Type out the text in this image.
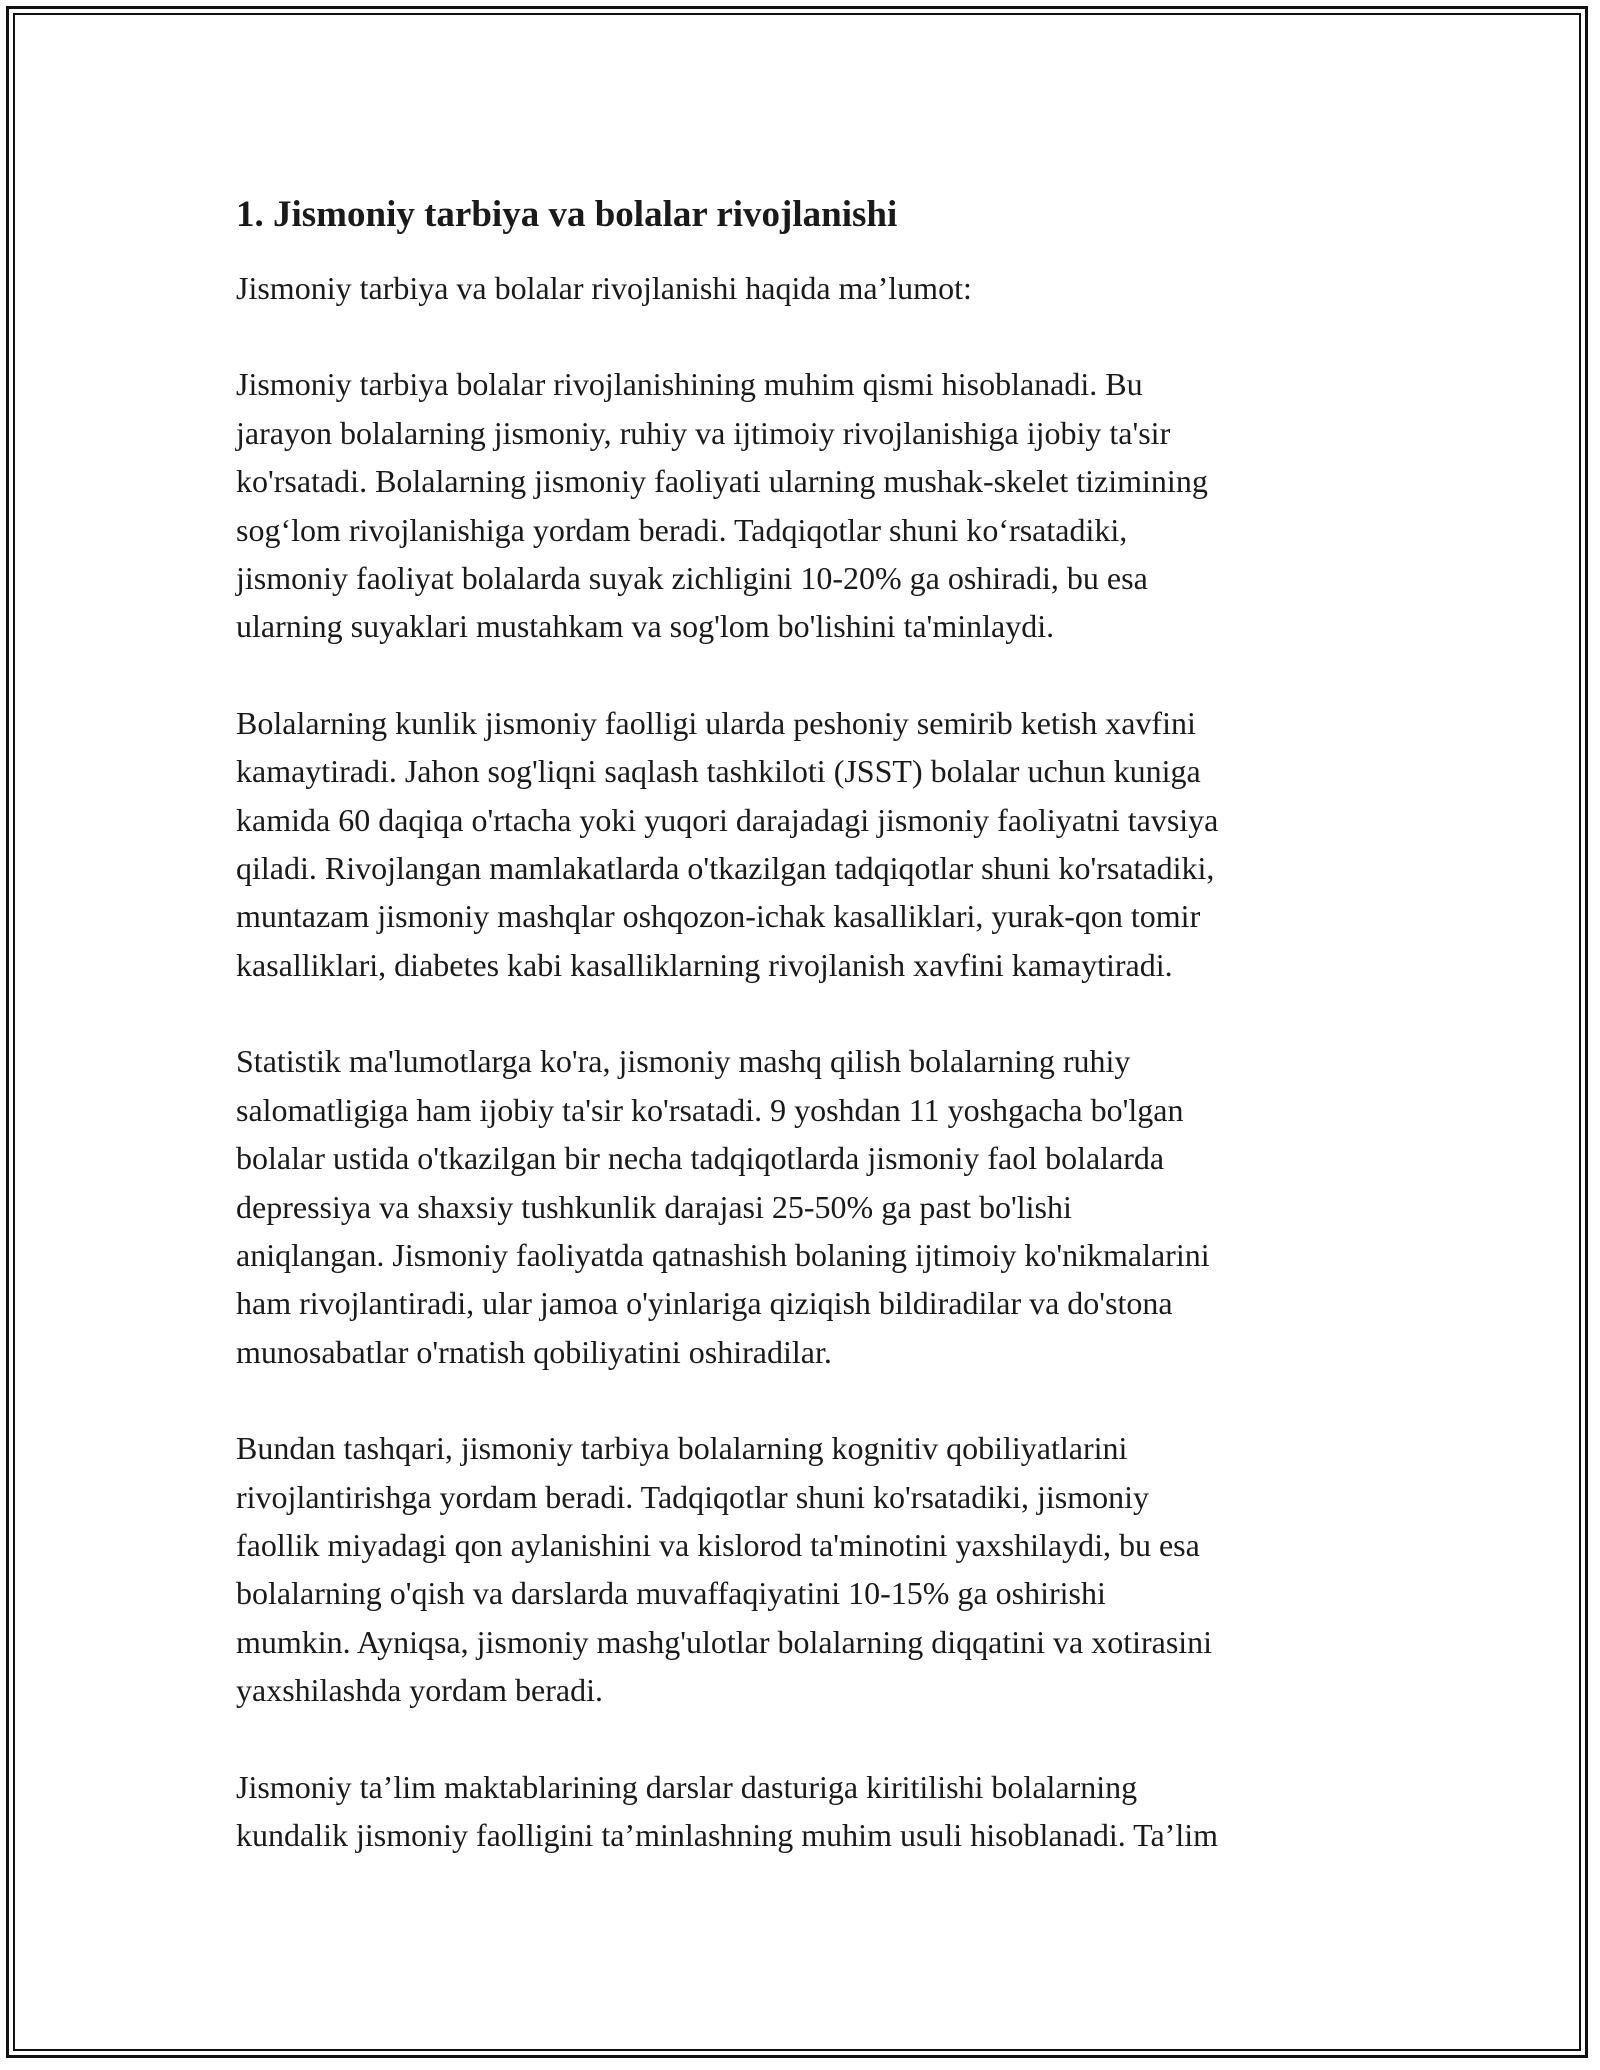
1. Jismoniy tarbiya va bolalar rivojlanishi
Jismoniy tarbiya va bolalar rivojlanishi haqida ma’lumot:
Jismoniy tarbiya bolalar rivojlanishining muhim qismi hisoblanadi. Bu
jarayon bolalarning jismoniy, ruhiy va ijtimoiy rivojlanishiga ijobiy ta'sir
ko'rsatadi. Bolalarning jismoniy faoliyati ularning mushak-skelet tizimining
sog‘lom rivojlanishiga yordam beradi. Tadqiqotlar shuni ko‘rsatadiki,
jismoniy faoliyat bolalarda suyak zichligini 10-20% ga oshiradi, bu esa
ularning suyaklari mustahkam va sog'lom bo'lishini ta'minlaydi.
Bolalarning kunlik jismoniy faolligi ularda peshoniy semirib ketish xavfini
kamaytiradi. Jahon sog'liqni saqlash tashkiloti (JSST) bolalar uchun kuniga
kamida 60 daqiqa o'rtacha yoki yuqori darajadagi jismoniy faoliyatni tavsiya
qiladi. Rivojlangan mamlakatlarda o'tkazilgan tadqiqotlar shuni ko'rsatadiki,
muntazam jismoniy mashqlar oshqozon-ichak kasalliklari, yurak-qon tomir
kasalliklari, diabetes kabi kasalliklarning rivojlanish xavfini kamaytiradi.
Statistik ma'lumotlarga ko'ra, jismoniy mashq qilish bolalarning ruhiy
salomatligiga ham ijobiy ta'sir ko'rsatadi. 9 yoshdan 11 yoshgacha bo'lgan
bolalar ustida o'tkazilgan bir necha tadqiqotlarda jismoniy faol bolalarda
depressiya va shaxsiy tushkunlik darajasi 25-50% ga past bo'lishi
aniqlangan. Jismoniy faoliyatda qatnashish bolaning ijtimoiy ko'nikmalarini
ham rivojlantiradi, ular jamoa o'yinlariga qiziqish bildiradilar va do'stona
munosabatlar o'rnatish qobiliyatini oshiradilar.
Bundan tashqari, jismoniy tarbiya bolalarning kognitiv qobiliyatlarini
rivojlantirishga yordam beradi. Tadqiqotlar shuni ko'rsatadiki, jismoniy
faollik miyadagi qon aylanishini va kislorod ta'minotini yaxshilaydi, bu esa
bolalarning o'qish va darslarda muvaffaqiyatini 10-15% ga oshirishi
mumkin. Ayniqsa, jismoniy mashg'ulotlar bolalarning diqqatini va xotirasini
yaxshilashda yordam beradi.
Jismoniy ta’lim maktablarining darslar dasturiga kiritilishi bolalarning
kundalik jismoniy faolligini ta’minlashning muhim usuli hisoblanadi. Ta’lim
